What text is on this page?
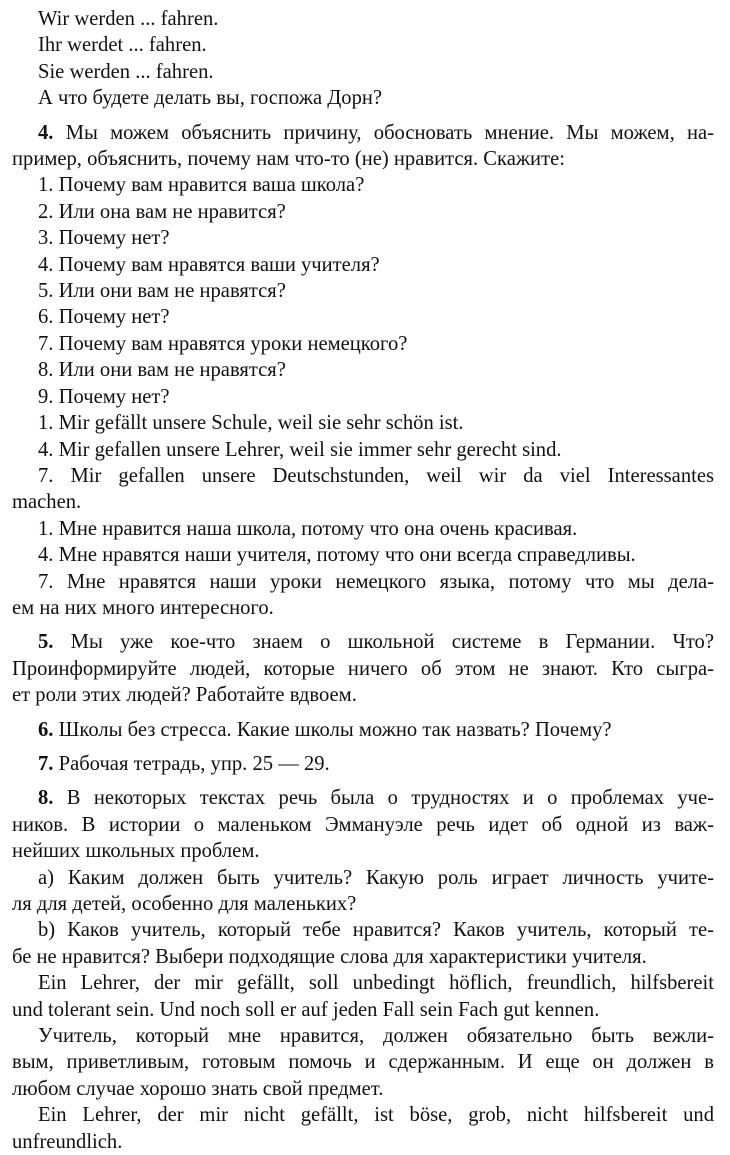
Wir werden ... fahren.
Ihr werdet ... fahren.
Sie werden ... fahren.
А что будете делать вы, госпожа Дорн?
4. Мы можем объяснить причину, обосновать мнение. Мы можем, на-
пример, объяснить, почему нам что-то (не) нравится. Скажите:
1. Почему вам нравится ваша школа?
2. Или она вам не нравится?
3. Почему нет?
4. Почему вам нравятся ваши учителя?
5. Или они вам не нравятся?
6. Почему нет?
7. Почему вам нравятся уроки немецкого?
8. Или они вам не нравятся?
9. Почему нет?
1. Mir gefällt unsere Schule, weil sie sehr schön ist.
4. Mir gefallen unsere Lehrer, weil sie immer sehr gerecht sind.
7. Mir gefallen unsere Deutschstunden, weil wir da viel Interessantes
machen.
1. Мне нравится наша школа, потому что она очень красивая.
4. Мне нравятся наши учителя, потому что они всегда справедливы.
7. Мне нравятся наши уроки немецкого языка, потому что мы дела-
ем на них много интересного.
5. Мы уже кое-что знаем о школьной системе в Германии. Что?
Проинформируйте людей, которые ничего об этом не знают. Кто сыгра-
ет роли этих людей? Работайте вдвоем.
6. Школы без стресса. Какие школы можно так назвать? Почему?
7. Рабочая тетрадь, упр. 25 — 29.
8. В некоторых текстах речь была о трудностях и о проблемах уче-
ников. В истории о маленьком Эммануэле речь идет об одной из важ-
нейших школьных проблем.
a) Каким должен быть учитель? Какую роль играет личность учите-
ля для детей, особенно для маленьких?
b) Каков учитель, который тебе нравится? Каков учитель, который те-
бе не нравится? Выбери подходящие слова для характеристики учителя.
Ein Lehrer, der mir gefällt, soll unbedingt höflich, freundlich, hilfsbereit
und tolerant sein. Und noch soll er auf jeden Fall sein Fach gut kennen.
Учитель, который мне нравится, должен обязательно быть вежли-
вым, приветливым, готовым помочь и сдержанным. И еще он должен в
любом случае хорошо знать свой предмет.
Ein Lehrer, der mir nicht gefällt, ist böse, grob, nicht hilfsbereit und
unfreundlich.
